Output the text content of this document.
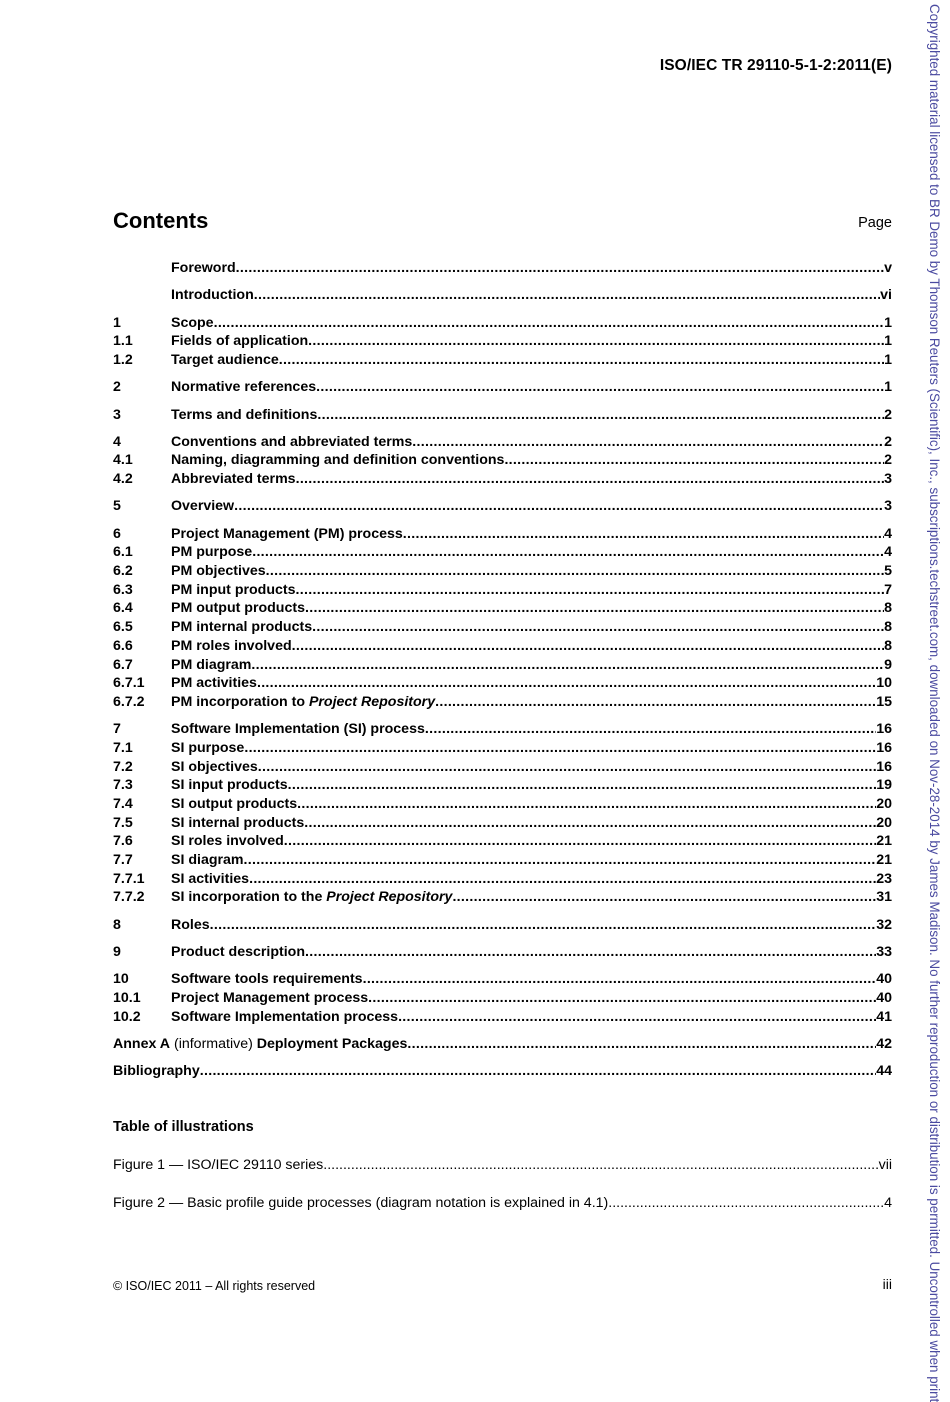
ISO/IEC TR 29110-5-1-2:2011(E)
Contents	Page
Foreword .....	v
Introduction .....	vi
1	Scope .....	1
1.1	Fields of application .....	1
1.2	Target audience .....	1
2	Normative references .....	1
3	Terms and definitions .....	2
4	Conventions and abbreviated terms .....	2
4.1	Naming, diagramming and definition conventions .....	2
4.2	Abbreviated terms .....	3
5	Overview .....	3
6	Project Management (PM) process .....	4
6.1	PM purpose .....	4
6.2	PM objectives .....	5
6.3	PM input products .....	7
6.4	PM output products .....	8
6.5	PM internal products .....	8
6.6	PM roles involved .....	8
6.7	PM diagram .....	9
6.7.1	PM activities .....	10
6.7.2	PM incorporation to Project Repository .....	15
7	Software Implementation (SI) process .....	16
7.1	SI purpose .....	16
7.2	SI objectives .....	16
7.3	SI input products .....	19
7.4	SI output products .....	20
7.5	SI internal products .....	20
7.6	SI roles involved .....	21
7.7	SI diagram .....	21
7.7.1	SI activities .....	23
7.7.2	SI incorporation to the Project Repository .....	31
8	Roles .....	32
9	Product description .....	33
10	Software tools requirements .....	40
10.1	Project Management process .....	40
10.2	Software Implementation process .....	41
Annex A (informative) Deployment Packages .....	42
Bibliography .....	44
Table of illustrations
Figure 1 — ISO/IEC 29110 series .....	vii
Figure 2 — Basic profile guide processes (diagram notation is explained in 4.1) .....	4
© ISO/IEC 2011 – All rights reserved	iii	Copyrighted material licensed to BR Demo by Thomson Reuters (Scientific), Inc., subscriptions.techstreet.com, downloaded on Nov-28-2014 by James Madison. No further reproduction or distribution is permitted. Uncontrolled when print
